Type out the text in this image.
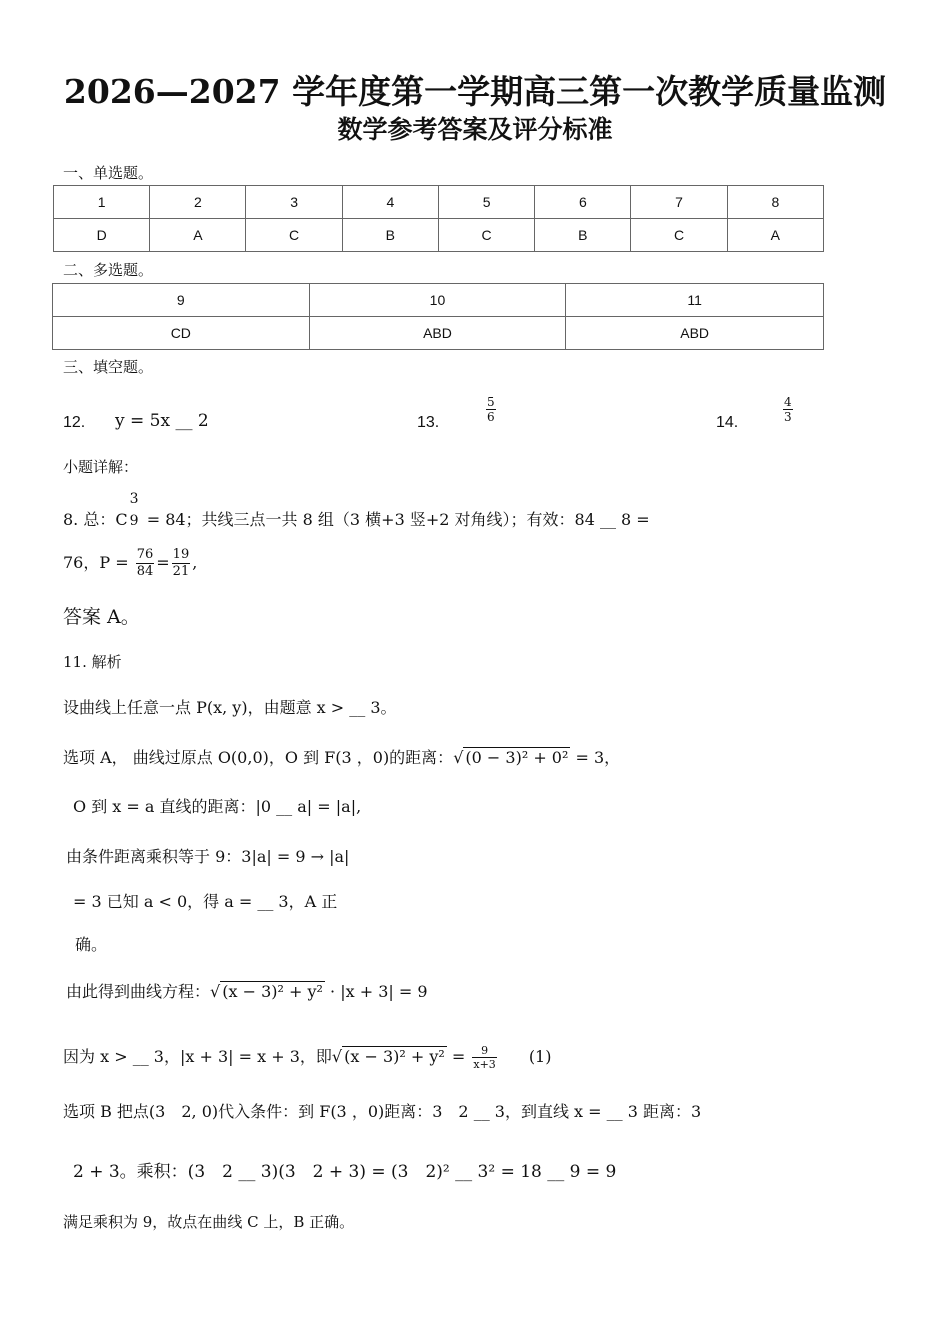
2026—2027 学年度第一学期高三第一次教学质量监测
数学参考答案及评分标准
一、单选题。
1	2	3	4	5	6	7	8
D	A	C	B	C	B	C	A
二、多选题。
9	10	11
CD	ABD	ABD
三、填空题。
12. y = 5x __ 2	13.	$\frac{5}{6}$	14.	$\frac{4}{3}$
小题详解：
8. 总：C
3
9 = 84；共线三点一共 8 组（3 横+3 竖+2 对角线）；有效：84 __ 8 =
76，$P = \frac{76}{84} = \frac{19}{21}$ ,
答案 A。
11. 解析
设曲线上任意一点 P(x, y)，由题意 x > __ 3。
选项 A， 曲线过原点 O(0,0)，O 到 F(3 ，0)的距离：√ (0 − 3)² + 0² = 3，
O 到 x = a 直线的距离：|0 __ a| = |a|,
由条件距离乘积等于 9：3|a| = 9 → |a|
= 3 已知 a < 0，得 a = __ 3，A 正
确。
由此得到曲线方程：√ (x − 3)² + y² · |x + 3| = 9
因为 x > __ 3，|x + 3| = x + 3，即√ $(x - 3)^2 + y^2 = \frac{9}{x+3} (1)$
选项 B 把点(3　2, 0)代入条件：到 F(3 ，0)距离：3　2 __ 3，到直线 x = __ 3 距离：3
2 + 3。乘积：(3　2 __ 3)(3　2 + 3) = (3　2)² __ 3² = 18 __ 9 = 9
满足乘积为 9，故点在曲线 C 上，B 正确。
